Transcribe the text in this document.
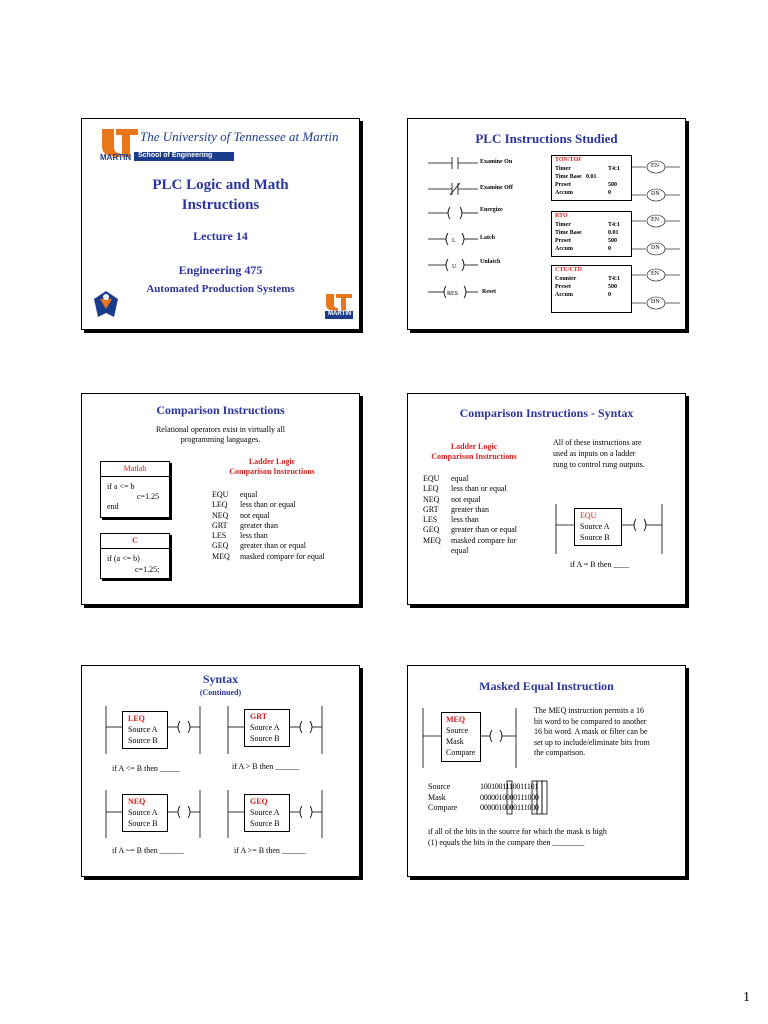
The University of Tennessee at Martin
MARTIN School of Engineering
PLC Logic and Math
Instructions
Lecture 14
Engineering 475
Automated Production Systems
MARTIN
PLC Instructions Studied
L
U
RES
Examine On
Examine Off
Energize
Latch
Unlatch
Reset
EN
DN
EN
DN
EN
DN
TON/TOF
Timer	T4:1
Time Base 0.01
Preset	500
Accum	0
RTO
Timer	T4:1
Time Base	0.01
Preset	500
Accum	0
CTU/CTD
Counter	T4:1
Preset	500
Accum	0
Comparison Instructions
Relational operators exist in virtually all
programming languages.
Matlab
if a <= b
c=1.25
end
C
if (a <= b)
c=1.25;
Ladder Logic
Comparison Instructions
EQU equal
LEQ less than or equal
NEQ not equal
GRT greater than
LES less than
GEQ greater than or equal
MEQ masked compare for equal
Comparison Instructions - Syntax
Ladder Logic
Comparison Instructions
EQU equal
LEQ less than or equal
NEQ not equal
GRT greater than
LES less than
GEQ greater than or equal
MEQ masked compare for
equal
All of these instructions are
used as inputs on a ladder
rung to control rung outputs.
EQU
Source A
Source B
if A = B then ____
Syntax
(Continued)
LEQ
Source A
Source B
GRT
Source A
Source B
NEQ
Source A
Source B
GEQ
Source A
Source B
if A <= B then _____	if A > B then ______
if A ~= B then ______	if A >= B then ______
Masked Equal Instruction
MEQ
Source
Mask
Compare
The MEQ instruction permits a 16
bit word to be compared to another
16 bit word. A mask or filter can be
set up to include/eliminate bits from
the comparison.
Source	1001001110011101
Mask	0000010000111000
Compare	0000010000111000
if all of the bits in the source for which the mask is high
(1) equals the bits in the compare then ________
1
